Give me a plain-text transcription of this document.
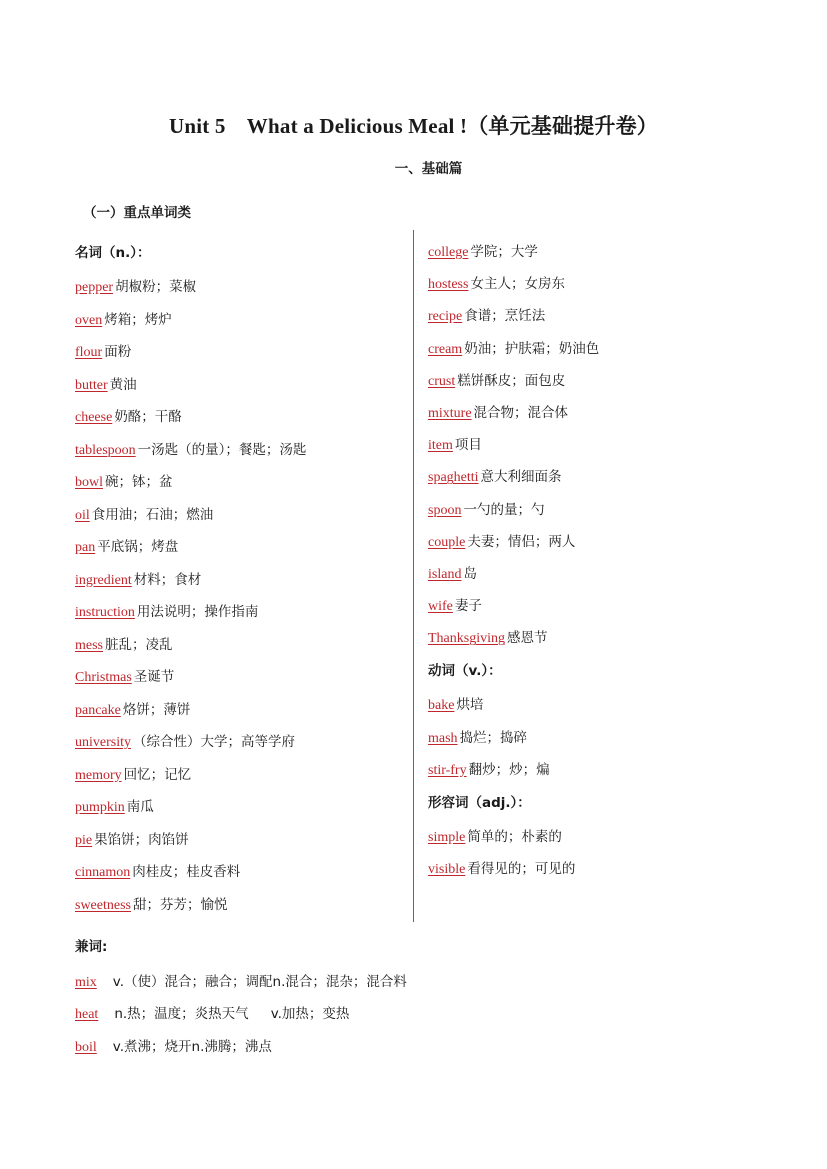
Unit 5　What a Delicious Meal !（单元基础提升卷）
一、基础篇
（一）重点单词类
名词（n.）：
pepper 胡椒粉；菜椒
oven 烤箱；烤炉
flour 面粉
butter 黄油
cheese 奶酪；干酪
tablespoon 一汤匙（的量）；餐匙；汤匙
bowl 碗；钵；盆
oil 食用油；石油；燃油
pan 平底锅；烤盘
ingredient 材料；食材
instruction 用法说明；操作指南
mess 脏乱；凌乱
Christmas 圣诞节
pancake 烙饼；薄饼
university （综合性）大学；高等学府
memory 回忆；记忆
pumpkin 南瓜
pie 果馅饼；肉馅饼
cinnamon 肉桂皮；桂皮香料
sweetness 甜；芬芳；愉悦
college 学院；大学
hostess 女主人；女房东
recipe 食谱；烹饪法
cream 奶油；护肤霜；奶油色
crust 糕饼酥皮；面包皮
mixture 混合物；混合体
item 项目
spaghetti 意大利细面条
spoon 一勺的量；勺
couple 夫妻；情侣；两人
island 岛
wife 妻子
Thanksgiving 感恩节
动词（v.）：
bake 烘培
mash 捣烂；捣碎
stir-fry 翻炒；炒；煸
形容词（adj.）：
simple 简单的；朴素的
visible 看得见的；可见的
兼词:
mix v.（使）混合；融合；调配n.混合；混杂；混合料
heat n.热；温度；炎热天气 v.加热；变热
boil v.煮沸；烧开n.沸腾；沸点
